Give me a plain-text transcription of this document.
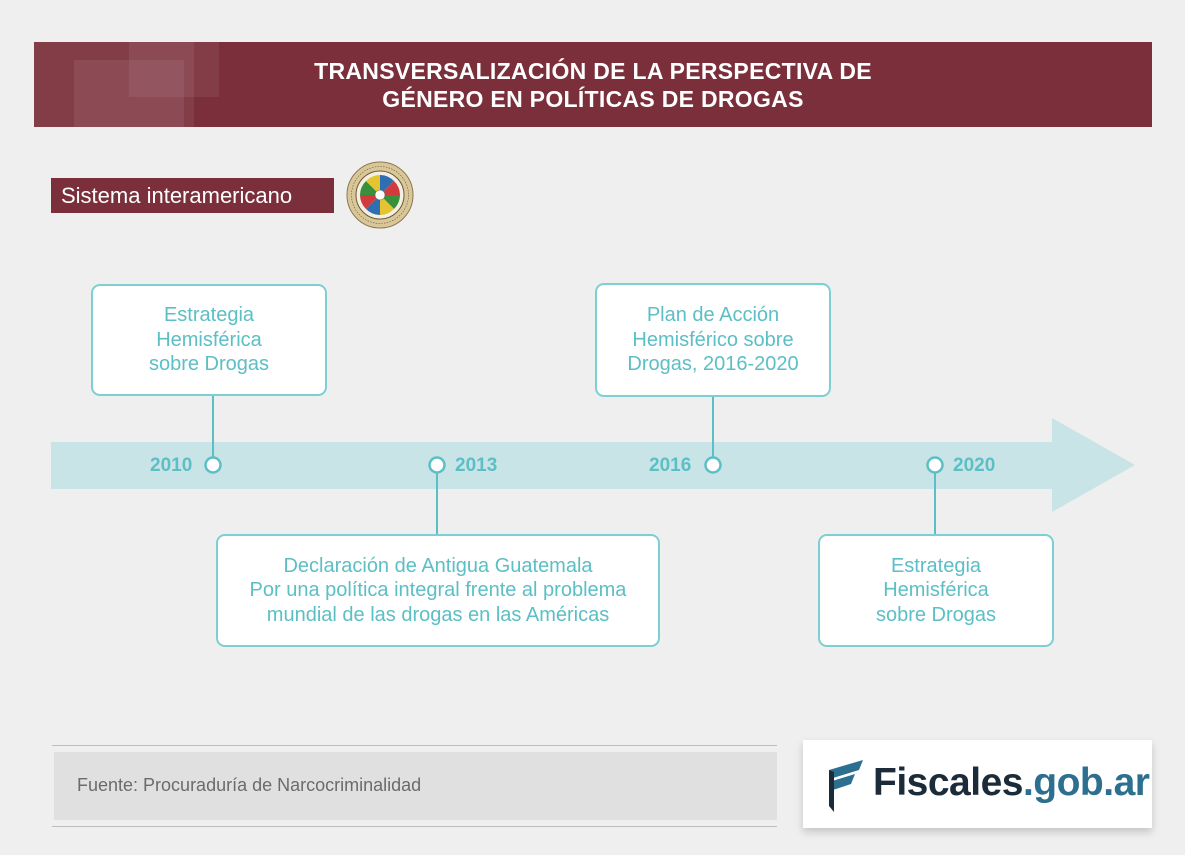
TRANSVERSALIZACIÓN DE LA PERSPECTIVA DE
GÉNERO EN POLÍTICAS DE DROGAS
Sistema interamericano
2010	2013	2016	2020
Estrategia
Hemisférica
sobre Drogas
Declaración de Antigua Guatemala
Por una política integral frente al problema
mundial de las drogas en las Américas
Plan de Acción
Hemisférico sobre
Drogas, 2016-2020
Estrategia
Hemisférica
sobre Drogas
Fuente: Procuraduría de Narcocriminalidad	Fiscales.gob.ar
